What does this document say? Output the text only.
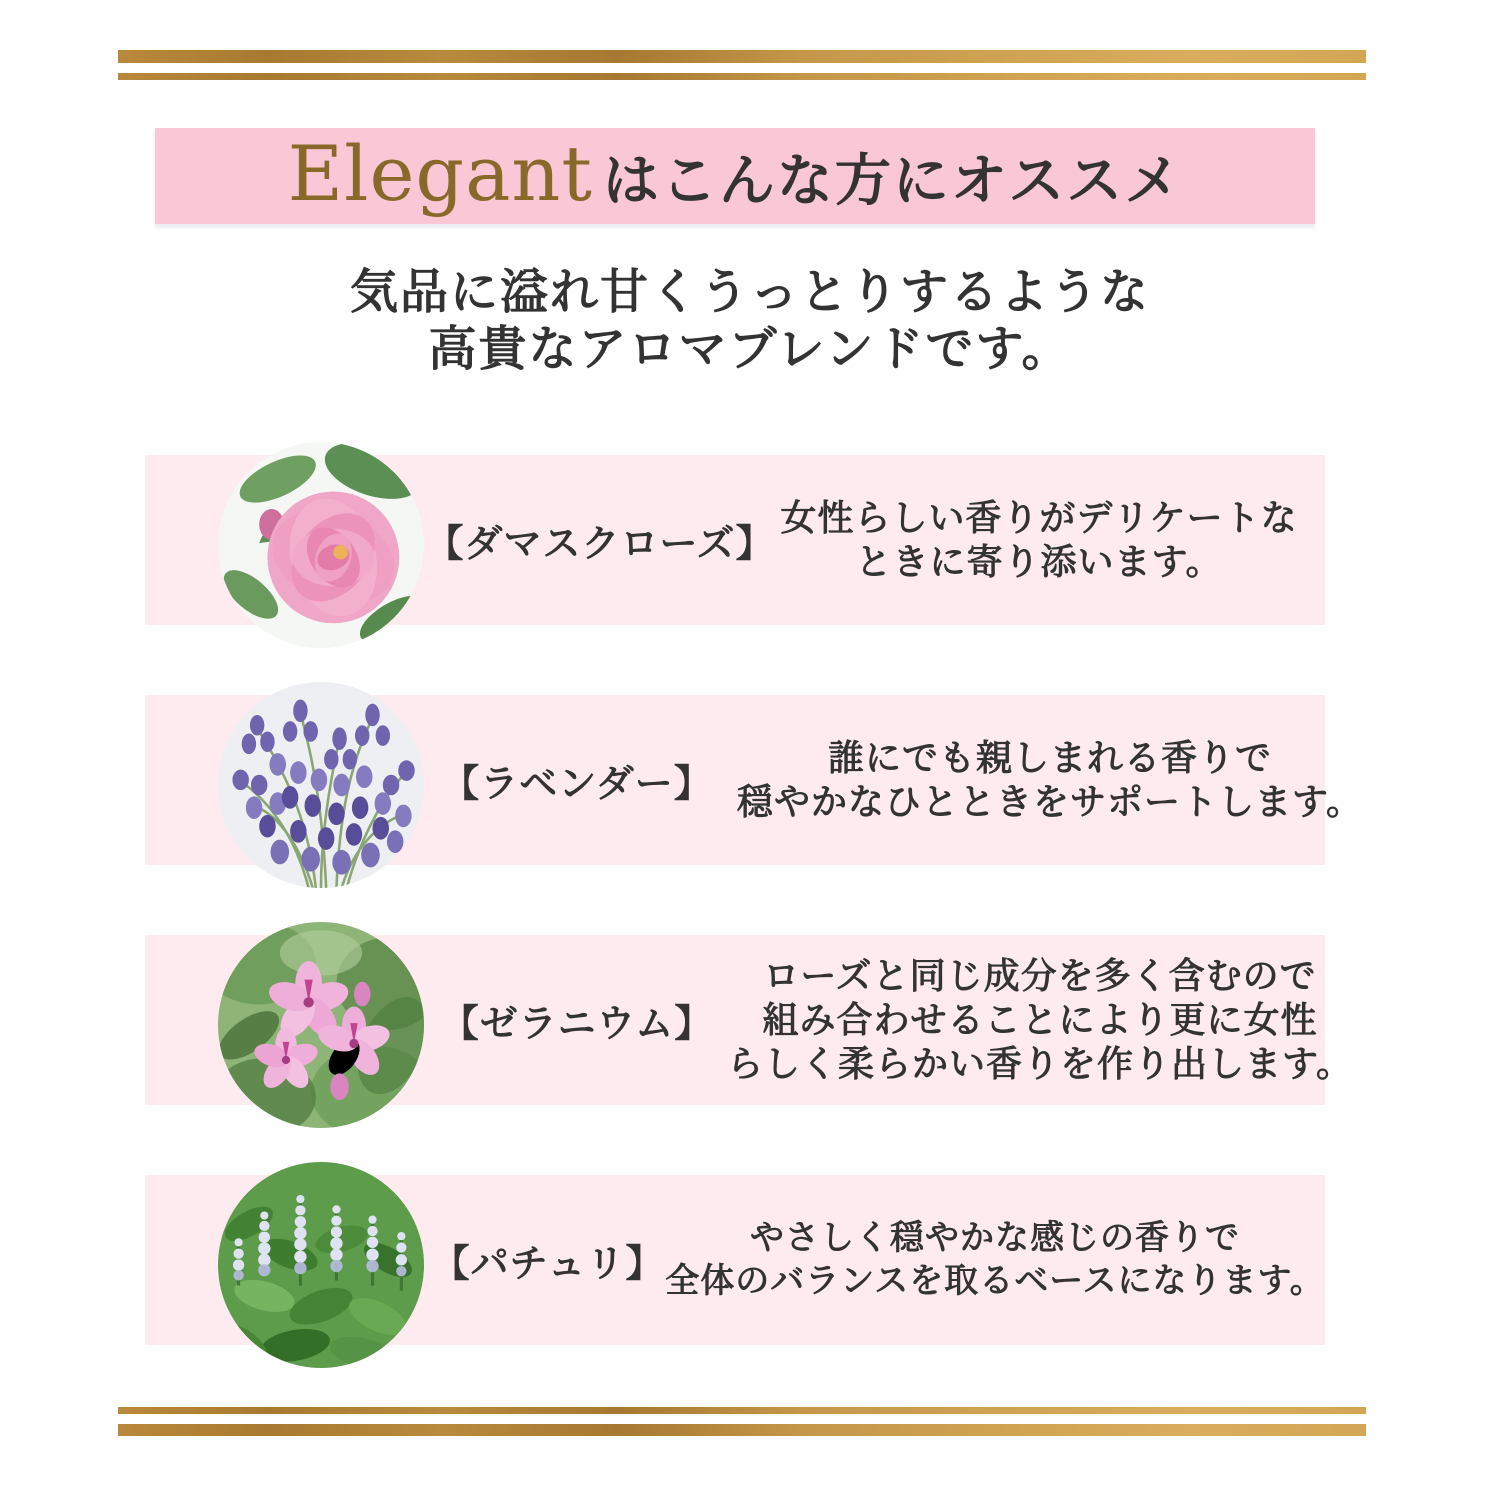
Elegant はこんな方にオススメ
気品に溢れ甘くうっとりするような
高貴なアロマブレンドです。
【ダマスクローズ】
女性らしい香りがデリケートな
ときに寄り添います。
【ラベンダー】
誰にでも親しまれる香りで
穏やかなひとときをサポートします。
【ゼラニウム】
ローズと同じ成分を多く含むので
組み合わせることにより更に女性
らしく柔らかい香りを作り出します。
【パチュリ】
やさしく穏やかな感じの香りで
全体のバランスを取るベースになります。
